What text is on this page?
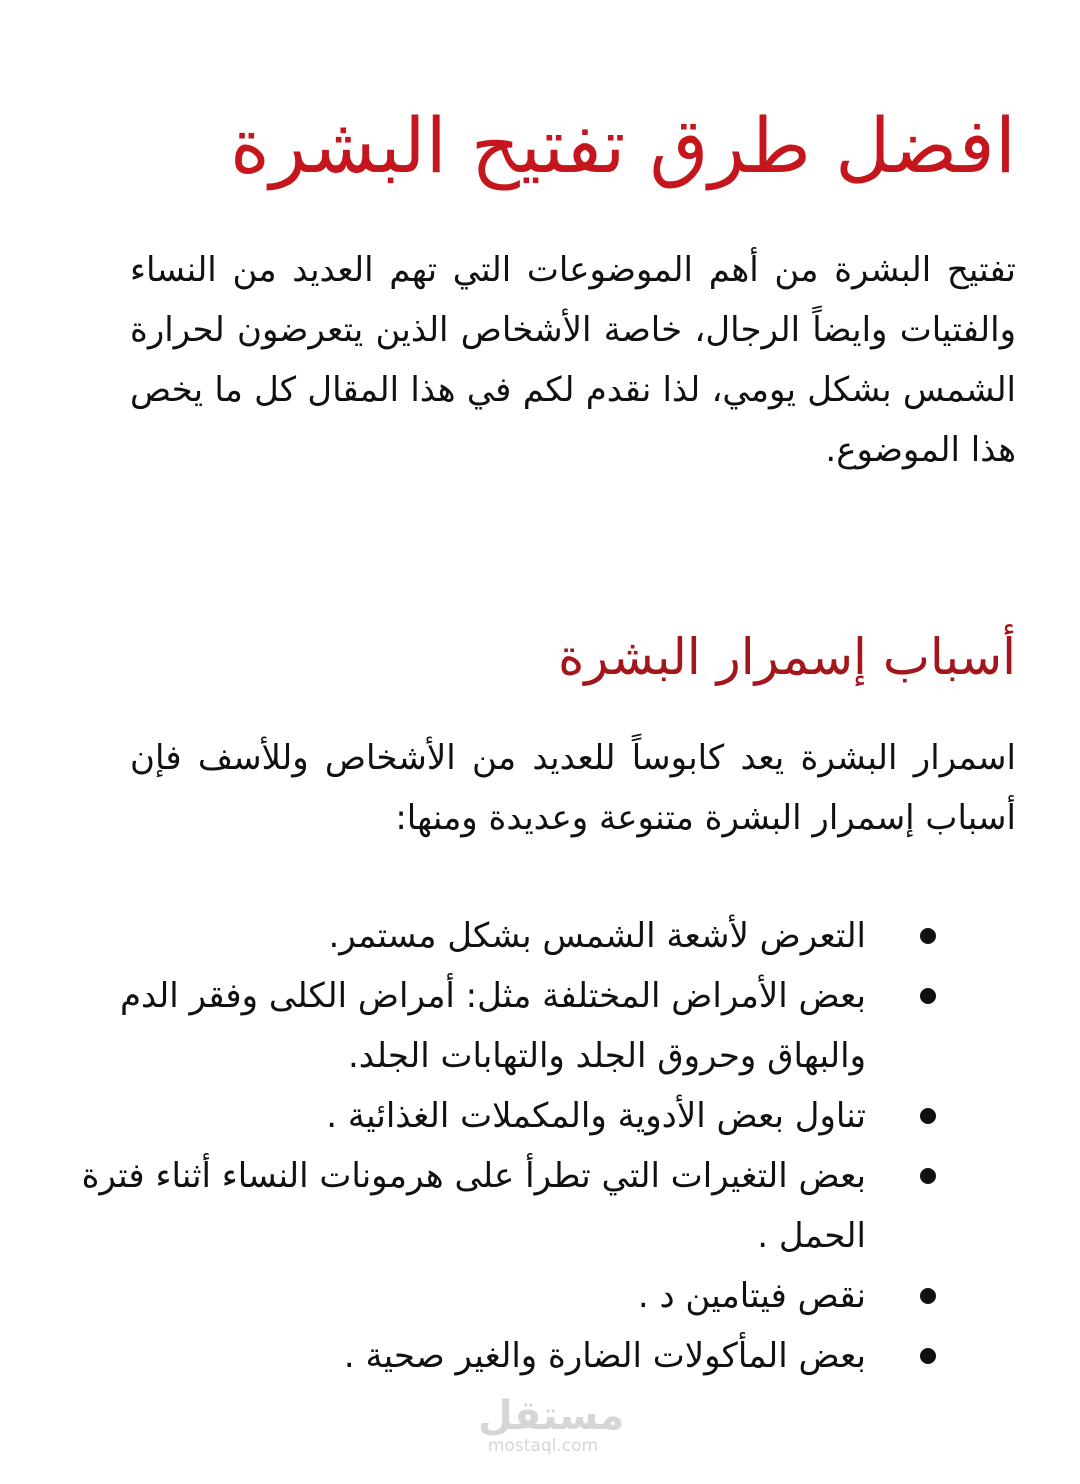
افضل طرق تفتيح البشرة

تفتيح البشرة من أهم الموضوعات التي تهم العديد من النساء والفتيات وايضاً الرجال، خاصة الأشخاص الذين يتعرضون لحرارة الشمس بشكل يومي، لذا نقدم لكم في هذا المقال كل ما يخص هذا الموضوع.

أسباب إسمرار البشرة

اسمرار البشرة يعد كابوساً للعديد من الأشخاص وللأسف فإن أسباب إسمرار البشرة متنوعة وعديدة ومنها:

التعرض لأشعة الشمس بشكل مستمر.
بعض الأمراض المختلفة مثل: أمراض الكلى وفقر الدم والبهاق وحروق الجلد والتهابات الجلد.
تناول بعض الأدوية والمكملات الغذائية .
بعض التغيرات التي تطرأ على هرمونات النساء أثناء فترة الحمل .
نقص فيتامين د .
بعض المأكولات الضارة والغير صحية .
مستقل
mostaql.com
